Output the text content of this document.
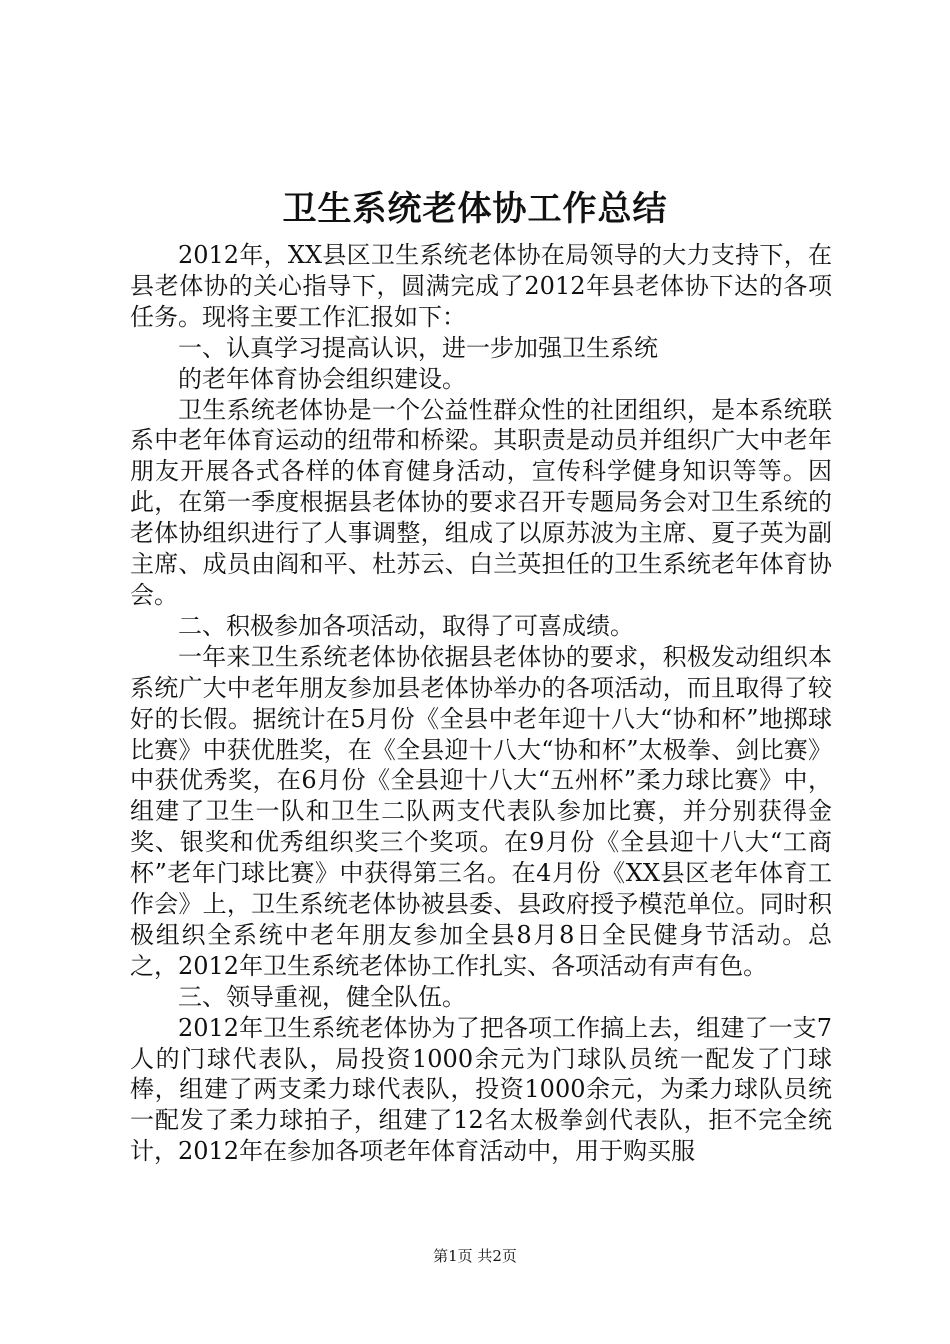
卫生系统老体协工作总结

2012年，XX县区卫生系统老体协在局领导的大力支持下，在县老体协的关心指导下，圆满完成了2012年县老体协下达的各项任务。现将主要工作汇报如下：

一、认真学习提高认识，进一步加强卫生系统

的老年体育协会组织建设。

卫生系统老体协是一个公益性群众性的社团组织，是本系统联系中老年体育运动的纽带和桥梁。其职责是动员并组织广大中老年朋友开展各式各样的体育健身活动，宣传科学健身知识等等。因此，在第一季度根据县老体协的要求召开专题局务会对卫生系统的老体协组织进行了人事调整，组成了以原苏波为主席、夏子英为副主席、成员由阎和平、杜苏云、白兰英担任的卫生系统老年体育协会。

二、积极参加各项活动，取得了可喜成绩。

一年来卫生系统老体协依据县老体协的要求，积极发动组织本系统广大中老年朋友参加县老体协举办的各项活动，而且取得了较好的长假。据统计在5月份《全县中老年迎十八大“协和杯”地掷球比赛》中获优胜奖，在《全县迎十八大“协和杯”太极拳、剑比赛》中获优秀奖，在6月份《全县迎十八大“五州杯”柔力球比赛》中，组建了卫生一队和卫生二队两支代表队参加比赛，并分别获得金奖、银奖和优秀组织奖三个奖项。在9月份《全县迎十八大“工商杯”老年门球比赛》中获得第三名。在4月份《XX县区老年体育工作会》上，卫生系统老体协被县委、县政府授予模范单位。同时积极组织全系统中老年朋友参加全县8月8日全民健身节活动。总之，2012年卫生系统老体协工作扎实、各项活动有声有色。

三、领导重视，健全队伍。

2012年卫生系统老体协为了把各项工作搞上去，组建了一支7人的门球代表队，局投资1000余元为门球队员统一配发了门球棒，组建了两支柔力球代表队，投资1000余元，为柔力球队员统一配发了柔力球拍子，组建了12名太极拳剑代表队，拒不完全统计，2012年在参加各项老年体育活动中，用于购买服

第1页 共2页
